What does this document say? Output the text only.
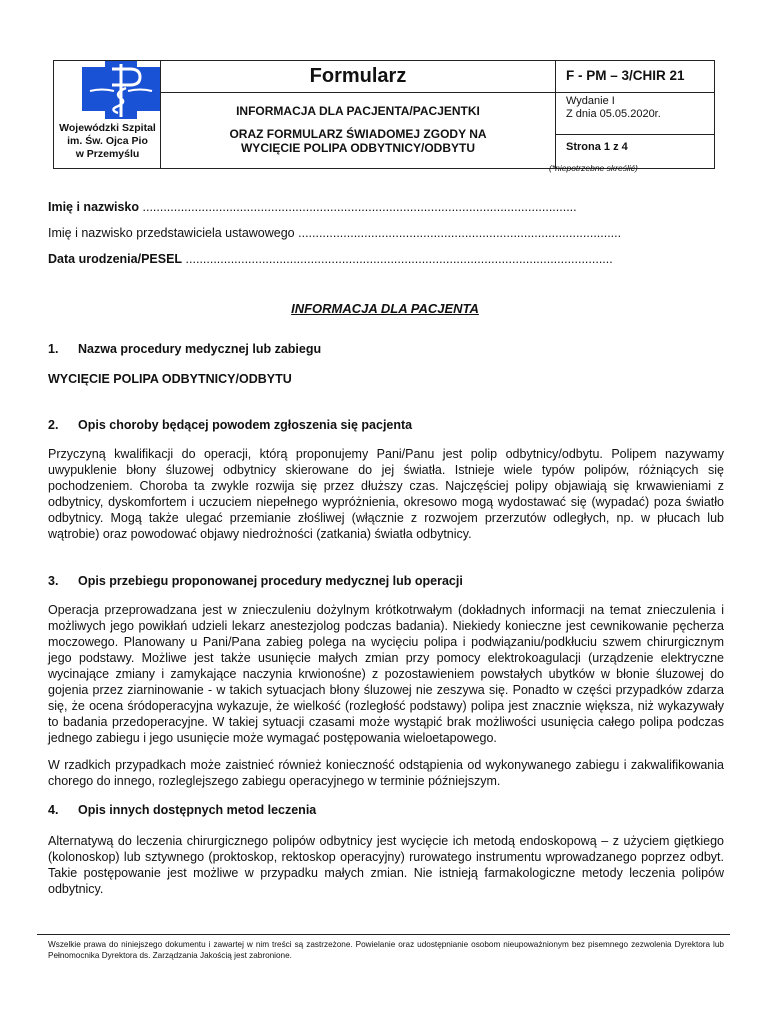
Wojewódzki Szpital
im. Św. Ojca Pio
w Przemyślu
Formularz
INFORMACJA DLA PACJENTA/PACJENTKI
ORAZ FORMULARZ ŚWIADOMEJ ZGODY NA
WYCIĘCIE POLIPA ODBYTNICY/ODBYTU
F - PM – 3/CHIR 21
Wydanie I
Z dnia 05.05.2020r.
Strona 1 z 4
(*niepotrzebne skreślić)
Imię i nazwisko .............................................................................................................................
Imię i nazwisko przedstawiciela ustawowego .............................................................................................
Data urodzenia/PESEL ...........................................................................................................................
INFORMACJA DLA PACJENTA
1. Nazwa procedury medycznej lub zabiegu
WYCIĘCIE POLIPA ODBYTNICY/ODBYTU
2. Opis choroby będącej powodem zgłoszenia się pacjenta
Przyczyną kwalifikacji do operacji, którą proponujemy Pani/Panu jest polip odbytnicy/odbytu. Polipem nazywamy uwypuklenie błony śluzowej odbytnicy skierowane do jej światła. Istnieje wiele typów polipów, różniących się pochodzeniem. Choroba ta zwykle rozwija się przez dłuższy czas. Najczęściej polipy objawiają się krwawieniami z odbytnicy, dyskomfortem i uczuciem niepełnego wypróżnienia, okresowo mogą wydostawać się (wypadać) poza światło odbytnicy. Mogą także ulegać przemianie złośliwej (włącznie z rozwojem przerzutów odległych, np. w płucach lub wątrobie) oraz powodować objawy niedrożności (zatkania) światła odbytnicy.
3. Opis przebiegu proponowanej procedury medycznej lub operacji
Operacja przeprowadzana jest w znieczuleniu dożylnym krótkotrwałym (dokładnych informacji na temat znieczulenia i możliwych jego powikłań udzieli lekarz anestezjolog podczas badania). Niekiedy konieczne jest cewnikowanie pęcherza moczowego. Planowany u Pani/Pana zabieg polega na wycięciu polipa i podwiązaniu/podkłuciu szwem chirurgicznym jego podstawy. Możliwe jest także usunięcie małych zmian przy pomocy elektrokoagulacji (urządzenie elektryczne wycinające zmiany i zamykające naczynia krwionośne) z pozostawieniem powstałych ubytków w błonie śluzowej do gojenia przez ziarninowanie - w takich sytuacjach błony śluzowej nie zeszywa się. Ponadto w części przypadków zdarza się, że ocena śródoperacyjna wykazuje, że wielkość (rozległość podstawy) polipa jest znacznie większa, niż wykazywały to badania przedoperacyjne. W takiej sytuacji czasami może wystąpić brak możliwości usunięcia całego polipa podczas jednego zabiegu i jego usunięcie może wymagać postępowania wieloetapowego.
W rzadkich przypadkach może zaistnieć również konieczność odstąpienia od wykonywanego zabiegu i zakwalifikowania chorego do innego, rozleglejszego zabiegu operacyjnego w terminie późniejszym.
4. Opis innych dostępnych metod leczenia
Alternatywą do leczenia chirurgicznego polipów odbytnicy jest wycięcie ich metodą endoskopową – z użyciem giętkiego (kolonoskop) lub sztywnego (proktoskop, rektoskop operacyjny) rurowatego instrumentu wprowadzanego poprzez odbyt. Takie postępowanie jest możliwe w przypadku małych zmian. Nie istnieją farmakologiczne metody leczenia polipów odbytnicy.
Wszelkie prawa do niniejszego dokumentu i zawartej w nim treści są zastrzeżone. Powielanie oraz udostępnianie osobom nieupoważnionym bez pisemnego zezwolenia Dyrektora lub Pełnomocnika Dyrektora ds. Zarządzania Jakością jest zabronione.
